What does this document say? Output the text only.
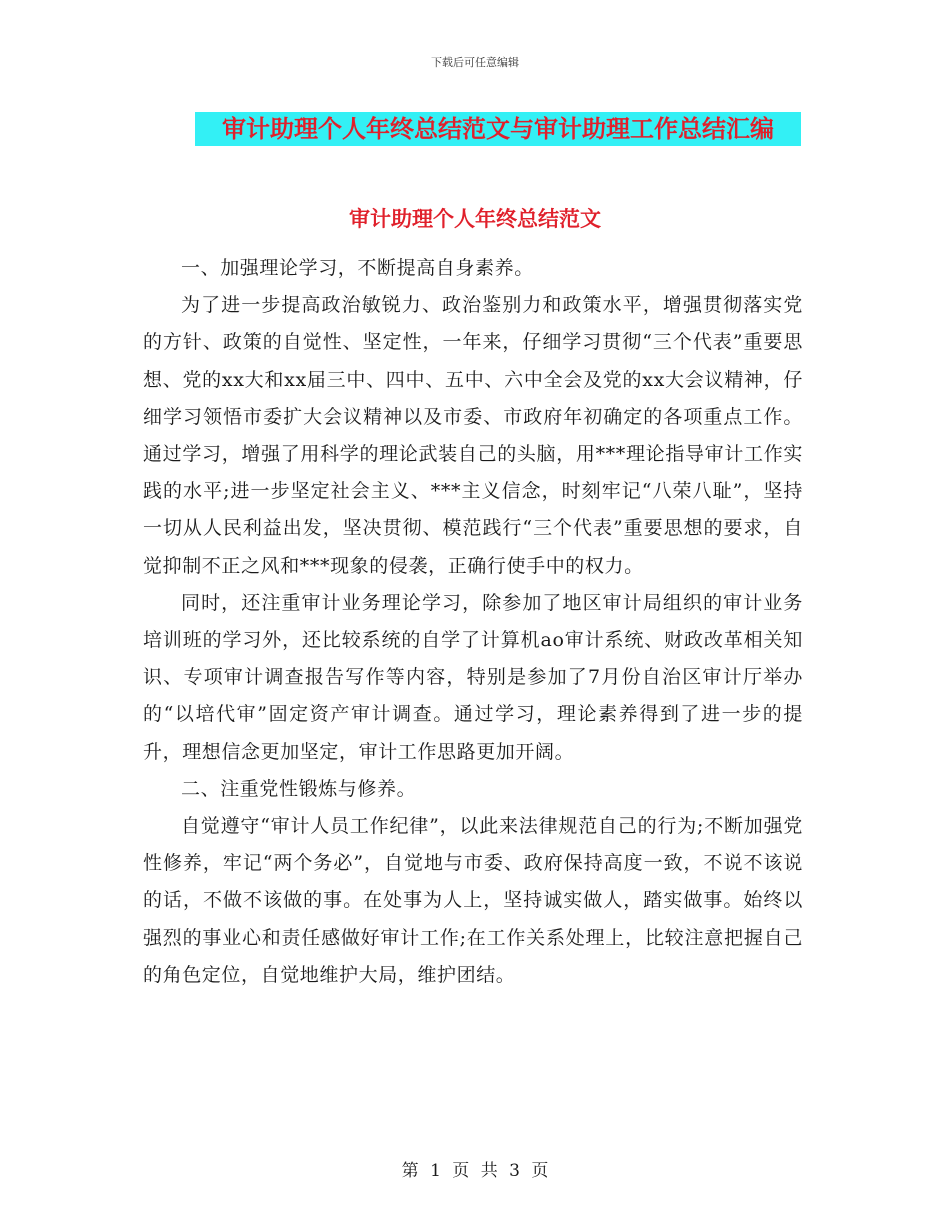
下载后可任意编辑
审计助理个人年终总结范文与审计助理工作总结汇编
审计助理个人年终总结范文

一、加强理论学习，不断提高自身素养。

为了进一步提高政治敏锐力、政治鉴别力和政策水平，增强贯彻落实党的方针、政策的自觉性、坚定性，一年来，仔细学习贯彻“三个代表”重要思想、党的xx大和xx届三中、四中、五中、六中全会及党的xx大会议精神，仔细学习领悟市委扩大会议精神以及市委、市政府年初确定的各项重点工作。通过学习，增强了用科学的理论武装自己的头脑，用***理论指导审计工作实践的水平;进一步坚定社会主义、***主义信念，时刻牢记“八荣八耻”，坚持一切从人民利益出发，坚决贯彻、模范践行“三个代表”重要思想的要求，自觉抑制不正之风和***现象的侵袭，正确行使手中的权力。

同时，还注重审计业务理论学习，除参加了地区审计局组织的审计业务培训班的学习外，还比较系统的自学了计算机ao审计系统、财政改革相关知识、专项审计调查报告写作等内容，特别是参加了7月份自治区审计厅举办的“以培代审”固定资产审计调查。通过学习，理论素养得到了进一步的提升，理想信念更加坚定，审计工作思路更加开阔。

二、注重党性锻炼与修养。

自觉遵守“审计人员工作纪律”，以此来法律规范自己的行为;不断加强党性修养，牢记“两个务必”，自觉地与市委、政府保持高度一致，不说不该说的话，不做不该做的事。在处事为人上，坚持诚实做人，踏实做事。始终以强烈的事业心和责任感做好审计工作;在工作关系处理上，比较注意把握自己的角色定位，自觉地维护大局，维护团结。

第 1 页 共 3 页
